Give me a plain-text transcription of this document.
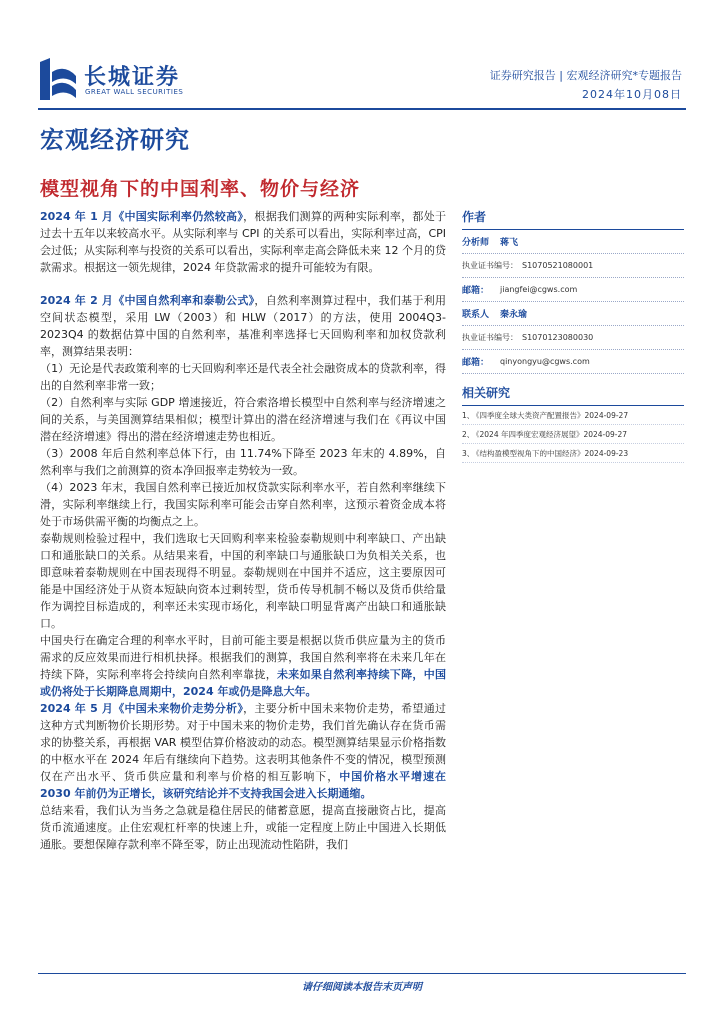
长城证券
GREAT WALL SECURITIES
证券研究报告 | 宏观经济研究*专题报告
2024年10月08日
宏观经济研究
模型视角下的中国利率、物价与经济

2024 年 1 月《中国实际利率仍然较高》，根据我们测算的两种实际利率，都处于过去十五年以来较高水平。从实际利率与 CPI 的关系可以看出，实际利率过高，CPI 会过低；从实际利率与投资的关系可以看出，实际利率走高会降低未来 12 个月的贷款需求。根据这一领先规律，2024 年贷款需求的提升可能较为有限。

2024 年 2 月《中国自然利率和泰勒公式》，自然利率测算过程中，我们基于利用空间状态模型，采用 LW（2003）和 HLW（2017）的方法，使用 2004Q3-2023Q4 的数据估算中国的自然利率，基准利率选择七天回购利率和加权贷款利率，测算结果表明：

（1）无论是代表政策利率的七天回购利率还是代表全社会融资成本的贷款利率，得出的自然利率非常一致；

（2）自然利率与实际 GDP 增速接近，符合索洛增长模型中自然利率与经济增速之间的关系，与美国测算结果相似；模型计算出的潜在经济增速与我们在《再议中国潜在经济增速》得出的潜在经济增速走势也相近。

（3）2008 年后自然利率总体下行，由 11.74%下降至 2023 年末的 4.89%，自然利率与我们之前测算的资本净回报率走势较为一致。

（4）2023 年末，我国自然利率已接近加权贷款实际利率水平，若自然利率继续下滑，实际利率继续上行，我国实际利率可能会击穿自然利率，这预示着资金成本将处于市场供需平衡的均衡点之上。

泰勒规则检验过程中，我们选取七天回购利率来检验泰勒规则中利率缺口、产出缺口和通胀缺口的关系。从结果来看，中国的利率缺口与通胀缺口为负相关关系，也即意味着泰勒规则在中国表现得不明显。泰勒规则在中国并不适应，这主要原因可能是中国经济处于从资本短缺向资本过剩转型，货币传导机制不畅以及货币供给量作为调控目标造成的，利率还未实现市场化，利率缺口明显背离产出缺口和通胀缺口。

中国央行在确定合理的利率水平时，目前可能主要是根据以货币供应量为主的货币需求的反应效果而进行相机抉择。根据我们的测算，我国自然利率将在未来几年在持续下降，实际利率将会持续向自然利率靠拢，未来如果自然利率持续下降，中国或仍将处于长期降息周期中，2024 年或仍是降息大年。

2024 年 5 月《中国未来物价走势分析》，主要分析中国未来物价走势，希望通过这种方式判断物价长期形势。对于中国未来的物价走势，我们首先确认存在货币需求的协整关系，再根据 VAR 模型估算价格波动的动态。模型测算结果显示价格指数的中枢水平在 2024 年后有继续向下趋势。这表明其他条件不变的情况，模型预测仅在产出水平、货币供应量和利率与价格的相互影响下，中国价格水平增速在 2030 年前仍为正增长，该研究结论并不支持我国会进入长期通缩。

总结来看，我们认为当务之急就是稳住居民的储蓄意愿，提高直接融资占比，提高货币流通速度。止住宏观杠杆率的快速上升，或能一定程度上防止中国进入长期低通胀。要想保障存款利率不降至零，防止出现流动性陷阱，我们

作者
分析师	蒋飞
执业证书编号： S1070521080001
邮箱：	jiangfei@cgws.com
联系人	秦永瑜
执业证书编号： S1070123080030
邮箱：	qinyongyu@cgws.com
相关研究
1、
《四季度全球大类资产配置报告》2024-09-27
2、
《2024 年四季度宏观经济展望》2024-09-27
3、
《结构盈模型视角下的中国经济》2024-09-23
请仔细阅读本报告末页声明
